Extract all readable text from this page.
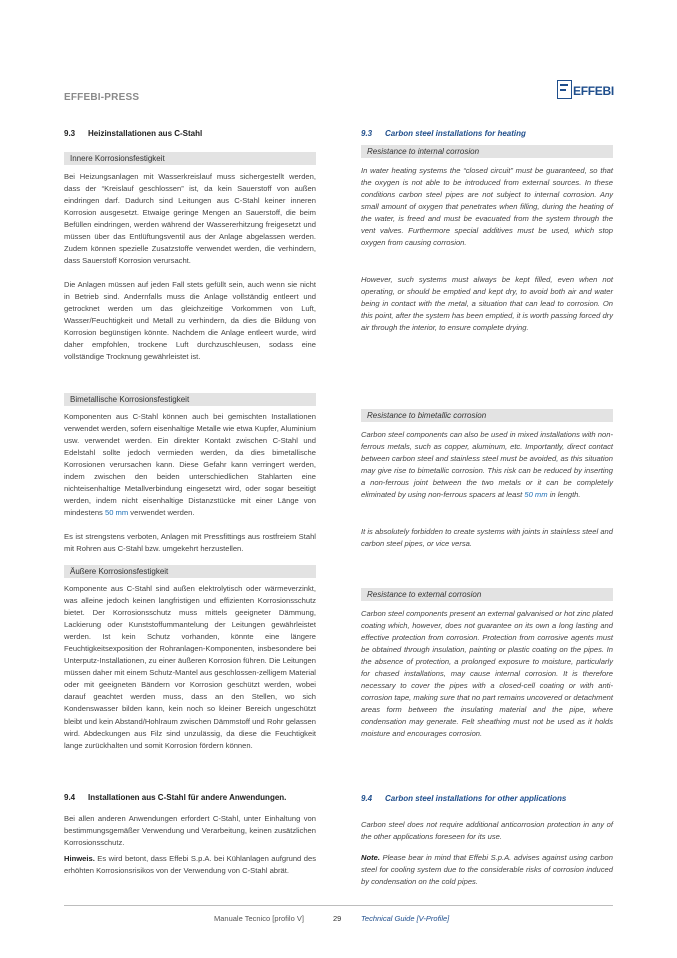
EFFEBI-PRESS	EFFEBI
9.3 Heizinstallationen aus C-Stahl
Innere Korrosionsfestigkeit

Bei Heizungsanlagen mit Wasserkreislauf muss sichergestellt werden, dass der “Kreislauf geschlossen” ist, da kein Sauerstoff von außen eindringen darf. Dadurch sind Leitungen aus C-Stahl keiner inneren Korrosion ausgesetzt. Etwaige geringe Mengen an Sauerstoff, die beim Befüllen eindringen, werden während der Wassererhitzung freigesetzt und müssen über das Entlüftungsventil aus der Anlage abgelassen werden. Zudem können spezielle Zusatzstoffe verwendet werden, die verhindern, dass Sauerstoff Korrosion verursacht.

Die Anlagen müssen auf jeden Fall stets gefüllt sein, auch wenn sie nicht in Betrieb sind. Andernfalls muss die Anlage vollständig entleert und getrocknet werden um das gleichzeitige Vorkommen von Luft, Wasser/Feuchtigkeit und Metall zu verhindern, da dies die Bildung von Korrosion begünstigen könnte. Nachdem die Anlage entleert wurde, wird daher empfohlen, trockene Luft durchzuschleusen, sodass eine vollständige Trocknung gewährleistet ist.

Bimetallische Korrosionsfestigkeit

Komponenten aus C-Stahl können auch bei gemischten Installationen verwendet werden, sofern eisenhaltige Metalle wie etwa Kupfer, Aluminium usw. verwendet werden. Ein direkter Kontakt zwischen C-Stahl und Edelstahl sollte jedoch vermieden werden, da dies bimetallische Korrosionen verursachen kann. Diese Gefahr kann verringert werden, indem zwischen den beiden unterschiedlichen Stahlarten eine nichteisenhaltige Metallverbindung eingesetzt wird, oder sogar beseitigt werden, indem nicht eisenhaltige Distanzstücke mit einer Länge von mindestens 50 mm verwendet werden.

Es ist strengstens verboten, Anlagen mit Pressfittings aus rostfreiem Stahl mit Rohren aus C-Stahl bzw. umgekehrt herzustellen.

Äußere Korrosionsfestigkeit

Komponente aus C-Stahl sind außen elektrolytisch oder wärmeverzinkt, was alleine jedoch keinen langfristigen und effizienten Korrosionsschutz bietet. Der Korrosionsschutz muss mittels geeigneter Dämmung, Lackierung oder Kunststoffummantelung der Leitungen gewährleistet werden. Ist kein Schutz vorhanden, könnte eine längere Feuchtigkeitsexposition der Rohranlagen-Komponenten, insbesondere bei Unterputz-Installationen, zu einer äußeren Korrosion führen. Die Leitungen müssen daher mit einem Schutz-Mantel aus geschlossen-zelligem Material oder mit geeigneten Bändern vor Korrosion geschützt werden, wobei darauf geachtet werden muss, dass an den Stellen, wo sich Kondenswasser bilden kann, kein noch so kleiner Bereich ungeschützt bleibt und kein Abstand/Hohlraum zwischen Dämmstoff und Rohr gelassen wird. Abdeckungen aus Filz sind unzulässig, da diese die Feuchtigkeit lange zurückhalten und somit Korrosion fördern können.

9.4 Installationen aus C-Stahl für andere Anwendungen.

Bei allen anderen Anwendungen erfordert C-Stahl, unter Einhaltung von bestimmungsgemäßer Verwendung und Verarbeitung, keinen zusätzlichen Korrosionsschutz.

Hinweis. Es wird betont, dass Effebi S.p.A. bei Kühlanlagen aufgrund des erhöhten Korrosionsrisikos von der Verwendung von C-Stahl abrät.

9.3 Carbon steel installations for heating
Resistance to internal corrosion

In water heating systems the “closed circuit” must be guaranteed, so that the oxygen is not able to be introduced from external sources. In these conditions carbon steel pipes are not subject to internal corrosion. Any small amount of oxygen that penetrates when filling, during the heating of the water, is freed and must be evacuated from the system through the vent valves. Furthermore special additives must be used, which stop oxygen from causing corrosion.

However, such systems must always be kept filled, even when not operating, or should be emptied and kept dry, to avoid both air and water being in contact with the metal, a situation that can lead to corrosion. On this point, after the system has been emptied, it is worth passing forced dry air through the interior, to ensure complete drying.

Resistance to bimetallic corrosion

Carbon steel components can also be used in mixed installations with non-ferrous metals, such as copper, aluminum, etc. Importantly, direct contact between carbon steel and stainless steel must be avoided, as this situation may give rise to bimetallic corrosion. This risk can be reduced by inserting a non-ferrous joint between the two metals or it can be completely eliminated by using non-ferrous spacers at least 50 mm in length.

It is absolutely forbidden to create systems with joints in stainless steel and carbon steel pipes, or vice versa.

Resistance to external corrosion

Carbon steel components present an external galvanised or hot zinc plated coating which, however, does not guarantee on its own a long lasting and effective protection from corrosion. Protection from corrosive agents must be obtained through insulation, painting or plastic coating on the pipes. In the absence of protection, a prolonged exposure to moisture, particularly for chased installations, may cause internal corrosion. It is therefore necessary to cover the pipes with a closed-cell coating or with anti-corrosion tape, making sure that no part remains uncovered or detachment areas form between the insulating material and the pipe, where condensation may generate. Felt sheathing must not be used as it holds moisture and encourages corrosion.

9.4 Carbon steel installations for other applications

Carbon steel does not require additional anticorrosion protection in any of the other applications foreseen for its use.

Note. Please bear in mind that Effebi S.p.A. advises against using carbon steel for cooling system due to the considerable risks of corrosion induced by condensation on the cold pipes.

Manuale Tecnico [profilo V]	29	Technical Guide [V-Profile]
